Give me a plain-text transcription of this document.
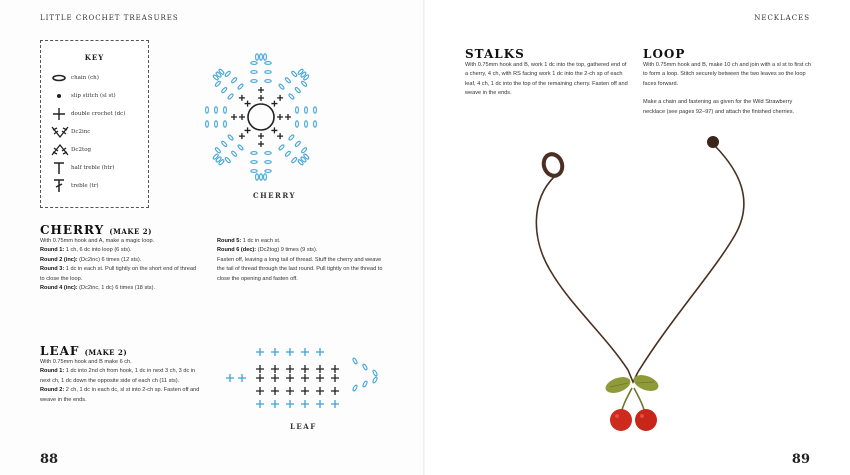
LITTLE CROCHET TREASURES
KEY
chain (ch)
slip stitch (sl st)
double crochet (dc)
Dc2inc
Dc2tog
half treble (htr)
treble (tr)
CHERRY
CHERRY (MAKE 2)
With 0.75mm hook and A, make a magic loop.
Round 1: 1 ch, 6 dc into loop (6 sts).
Round 2 (inc): (Dc2inc) 6 times (12 sts).
Round 3: 1 dc in each st. Pull tightly on the short end of thread to close the loop.
Round 4 (inc): (Dc2inc, 1 dc) 6 times (18 sts).
Round 5: 1 dc in each st.
Round 6 (dec): (Dc2tog) 9 times (9 sts).
Fasten off, leaving a long tail of thread. Stuff the cherry and weave the tail of thread through the last round. Pull tightly on the thread to close the opening and fasten off.
LEAF (MAKE 2)
With 0.75mm hook and B make 6 ch.
Round 1: 1 dc into 2nd ch from hook, 1 dc in next 3 ch, 3 dc in next ch, 1 dc down the opposite side of each ch (11 sts).
Round 2: 2 ch, 1 dc in each dc, sl st into 2-ch sp. Fasten off and weave in the ends.
LEAF
88
NECKLACES
STALKS
With 0.75mm hook and B, work 1 dc into the top, gathered end of a cherry, 4 ch, with RS facing work 1 dc into the 2-ch sp of each leaf, 4 ch, 1 dc into the top of the remaining cherry. Fasten off and weave in the ends.
LOOP
With 0.75mm hook and B, make 10 ch and join with a sl st to first ch to form a loop. Stitch securely between the two leaves so the loop faces forward.
Make a chain and fastening as given for the Wild Strawberry necklace (see pages 92–97) and attach the finished cherries.
89
